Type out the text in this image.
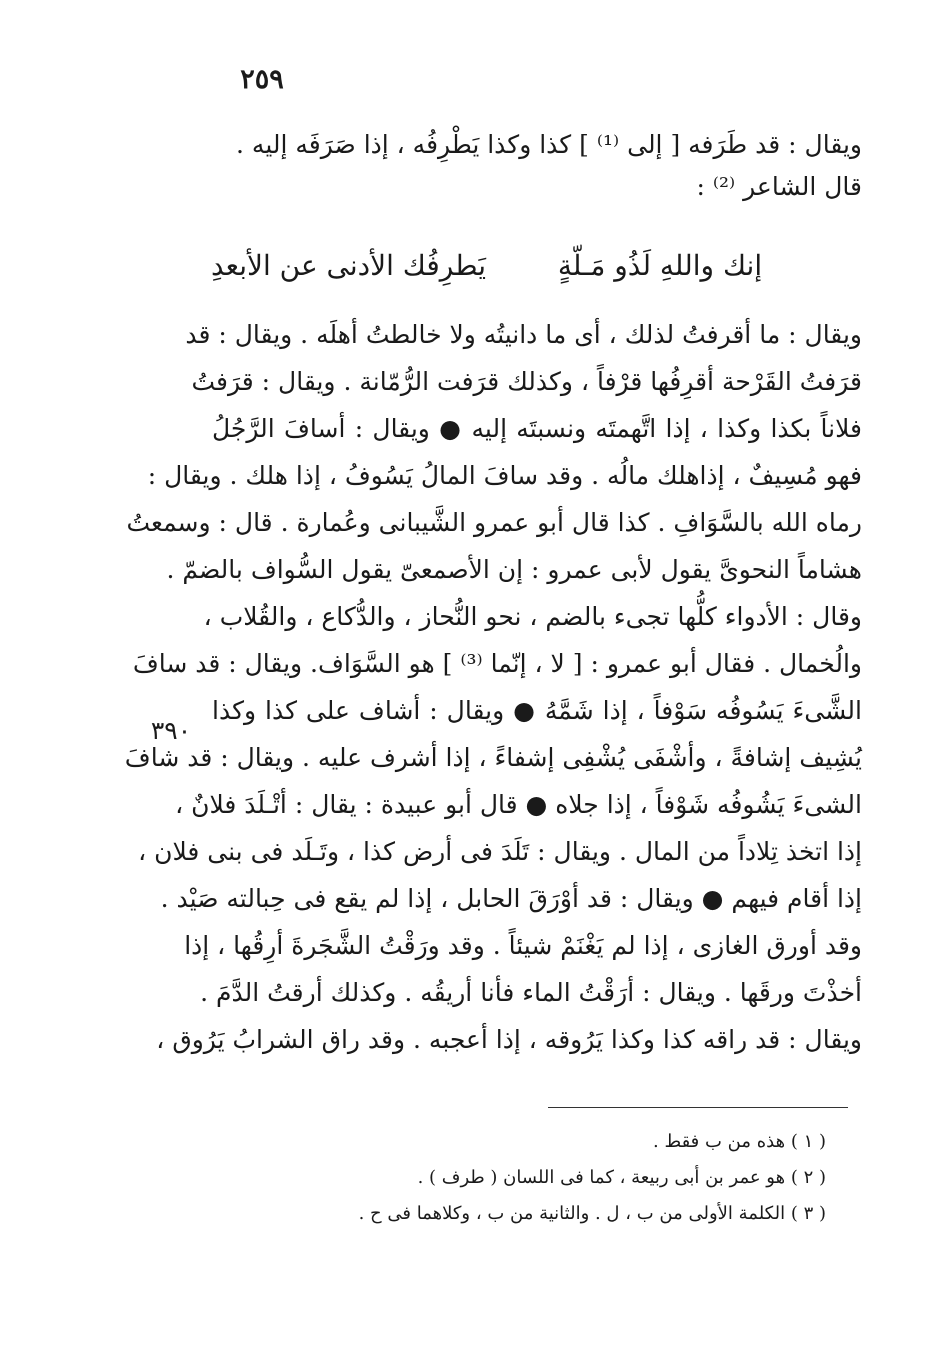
٢٥٩
ويقال : قد طَرَفه [ إلى ⁽¹⁾ ] كذا وكذا يَطْرِفُه ، إذا صَرَفَه إليه .
قال الشاعر ⁽²⁾ :
إنك واللهِ لَذُو مَـلّةٍ
يَطرِفُك الأدنى عن الأبعدِ
ويقال : ما أقرفتُ لذلك ، أى ما دانيتُه ولا خالطتُ أهلَه . ويقال : قد
قرَفتُ القَرْحة أقرِفُها قرْفاً ، وكذلك قرَفت الرُّمّانة . ويقال : قرَفتُ
فلاناً بكذا وكذا ، إذا اتَّهمتَه ونسبتَه إليه ● ويقال : أسافَ الرَّجُلُ
فهو مُسِيفٌ ، إذاهلك مالُه . وقد سافَ المالُ يَسُوفُ ، إذا هلك . ويقال :
رماه الله بالسَّوَافِ . كذا قال أبو عمرو الشَّيبانى وعُمارة . قال : وسمعتُ
هشاماً النحوىَّ يقول لأبى عمرو : إن الأصمعىّ يقول السُّواف بالضمّ .
وقال : الأدواء كلُّها تجىء بالضم ، نحو النُّحاز ، والدُّكاع ، والقُلاب ،
والُخمال . فقال أبو عمرو : [ لا ، إنّما ⁽³⁾ ] هو السَّوَاف. ويقال : قد سافَ
الشَّىءَ يَسُوفُه سَوْفاً ، إذا شَمَّهُ ● ويقال : أشاف على كذا وكذا
يُشِيف إشافةً ، وأشْفَى يُشْفِى إشفاءً ، إذا أشرف عليه . ويقال : قد شافَ
الشىءَ يَشُوفُه شَوْفاً ، إذا جلاه ● قال أبو عبيدة : يقال : أتْـلَدَ فلانٌ ،
إذا اتخذ تِلاداً من المال . ويقال : تَلَدَ فى أرض كذا ، وتَـلَد فى بنى فلان ،
إذا أقام فيهم ● ويقال : قد أوْرَقَ الحابل ، إذا لم يقع فى حِبالته صَيْد .
وقد أورق الغازى ، إذا لم يَغْنَمْ شيئاً . وقد ورَقْتُ الشَّجَرةَ أرِقُها ، إذا
أخذْتَ ورقَها . ويقال : أرَقْتُ الماء فأنا أريقُه . وكذلك أرقتُ الدَّمَ .
ويقال : قد راقه كذا وكذا يَرُوقه ، إذا أعجبه . وقد راق الشرابُ يَرُوق ،
٣٩٠
( ١ ) هذه من ب فقط .
( ٢ ) هو عمر بن أبى ربيعة ، كما فى اللسان ( طرف ) .
( ٣ ) الكلمة الأولى من ب ، ل . والثانية من ب ، وكلاهما فى ح .
